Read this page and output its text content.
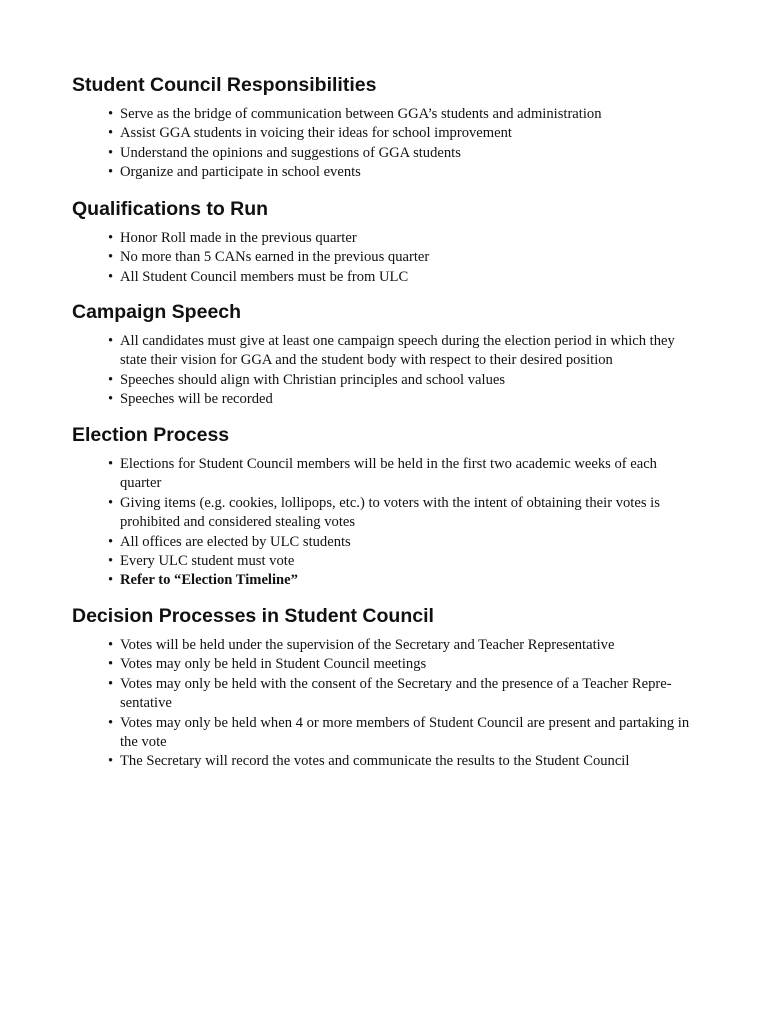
Student Council Responsibilities
• Serve as the bridge of communication between GGA’s students and administration
• Assist GGA students in voicing their ideas for school improvement
• Understand the opinions and suggestions of GGA students
• Organize and participate in school events
Qualifications to Run
• Honor Roll made in the previous quarter
• No more than 5 CANs earned in the previous quarter
• All Student Council members must be from ULC
Campaign Speech
• All candidates must give at least one campaign speech during the election period in which they state their vision for GGA and the student body with respect to their desired position
• Speeches should align with Christian principles and school values
• Speeches will be recorded
Election Process
• Elections for Student Council members will be held in the first two academic weeks of each quarter
• Giving items (e.g. cookies, lollipops, etc.) to voters with the intent of obtaining their votes is prohibited and considered stealing votes
• All offices are elected by ULC students
• Every ULC student must vote
• Refer to “Election Timeline”
Decision Processes in Student Council
• Votes will be held under the supervision of the Secretary and Teacher Representative
• Votes may only be held in Student Council meetings
• Votes may only be held with the consent of the Secretary and the presence of a Teacher Representative
• Votes may only be held when 4 or more members of Student Council are present and partaking in the vote
• The Secretary will record the votes and communicate the results to the Student Council
